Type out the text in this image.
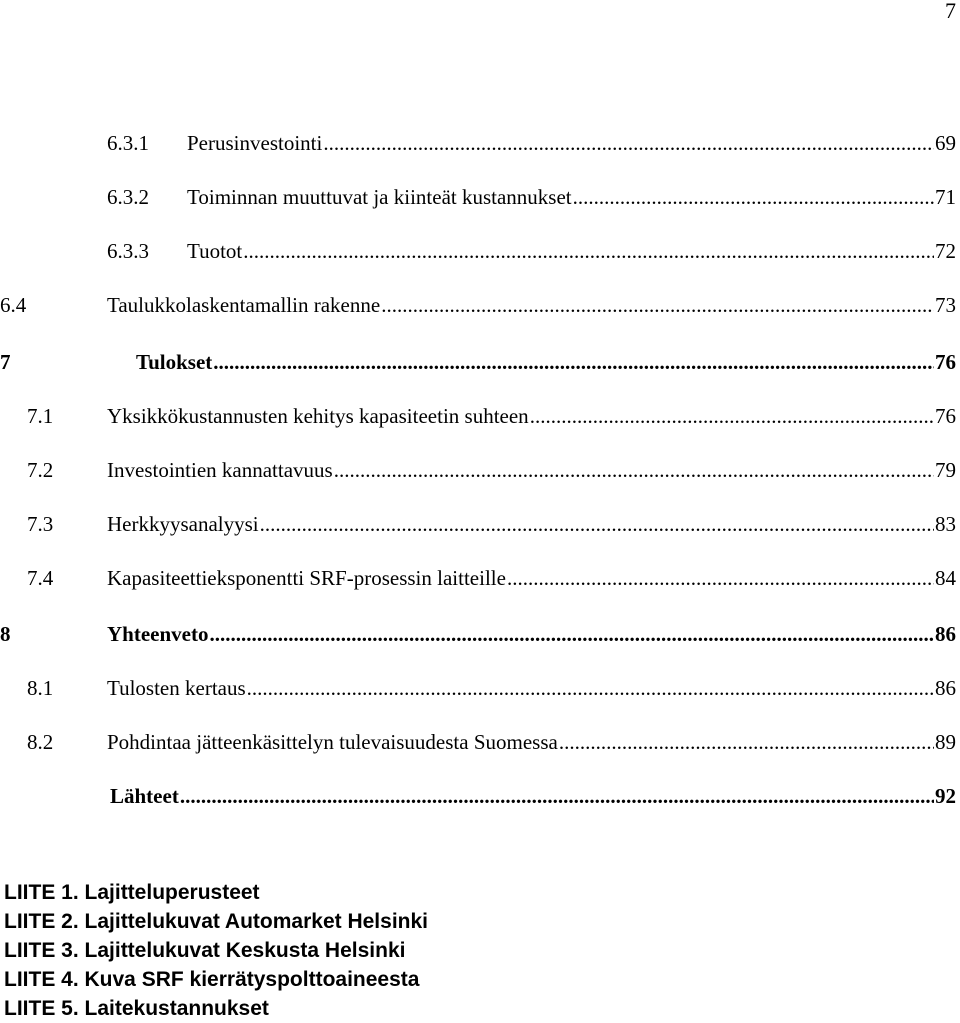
7
6.3.1	Perusinvestointi .....	69
6.3.2	Toiminnan muuttuvat ja kiinteät kustannukset .....	71
6.3.3	Tuotot .....	72
6.4	Taulukkolaskentamallin rakenne .....	73
7	Tulokset .....	76
7.1	Yksikkökustannusten kehitys kapasiteetin suhteen .....	76
7.2	Investointien kannattavuus .....	79
7.3	Herkkyysanalyysi .....	83
7.4	Kapasiteettieksponentti SRF-prosessin laitteille .....	84
8	Yhteenveto .....	86
8.1	Tulosten kertaus .....	86
8.2	Pohdintaa jätteenkäsittelyn tulevaisuudesta Suomessa .....	89
Lähteet .....	92
LIITE 1. Lajitteluperusteet
LIITE 2. Lajittelukuvat Automarket Helsinki
LIITE 3. Lajittelukuvat Keskusta Helsinki
LIITE 4. Kuva SRF kierrätyspolttoaineesta
LIITE 5. Laitekustannukset
